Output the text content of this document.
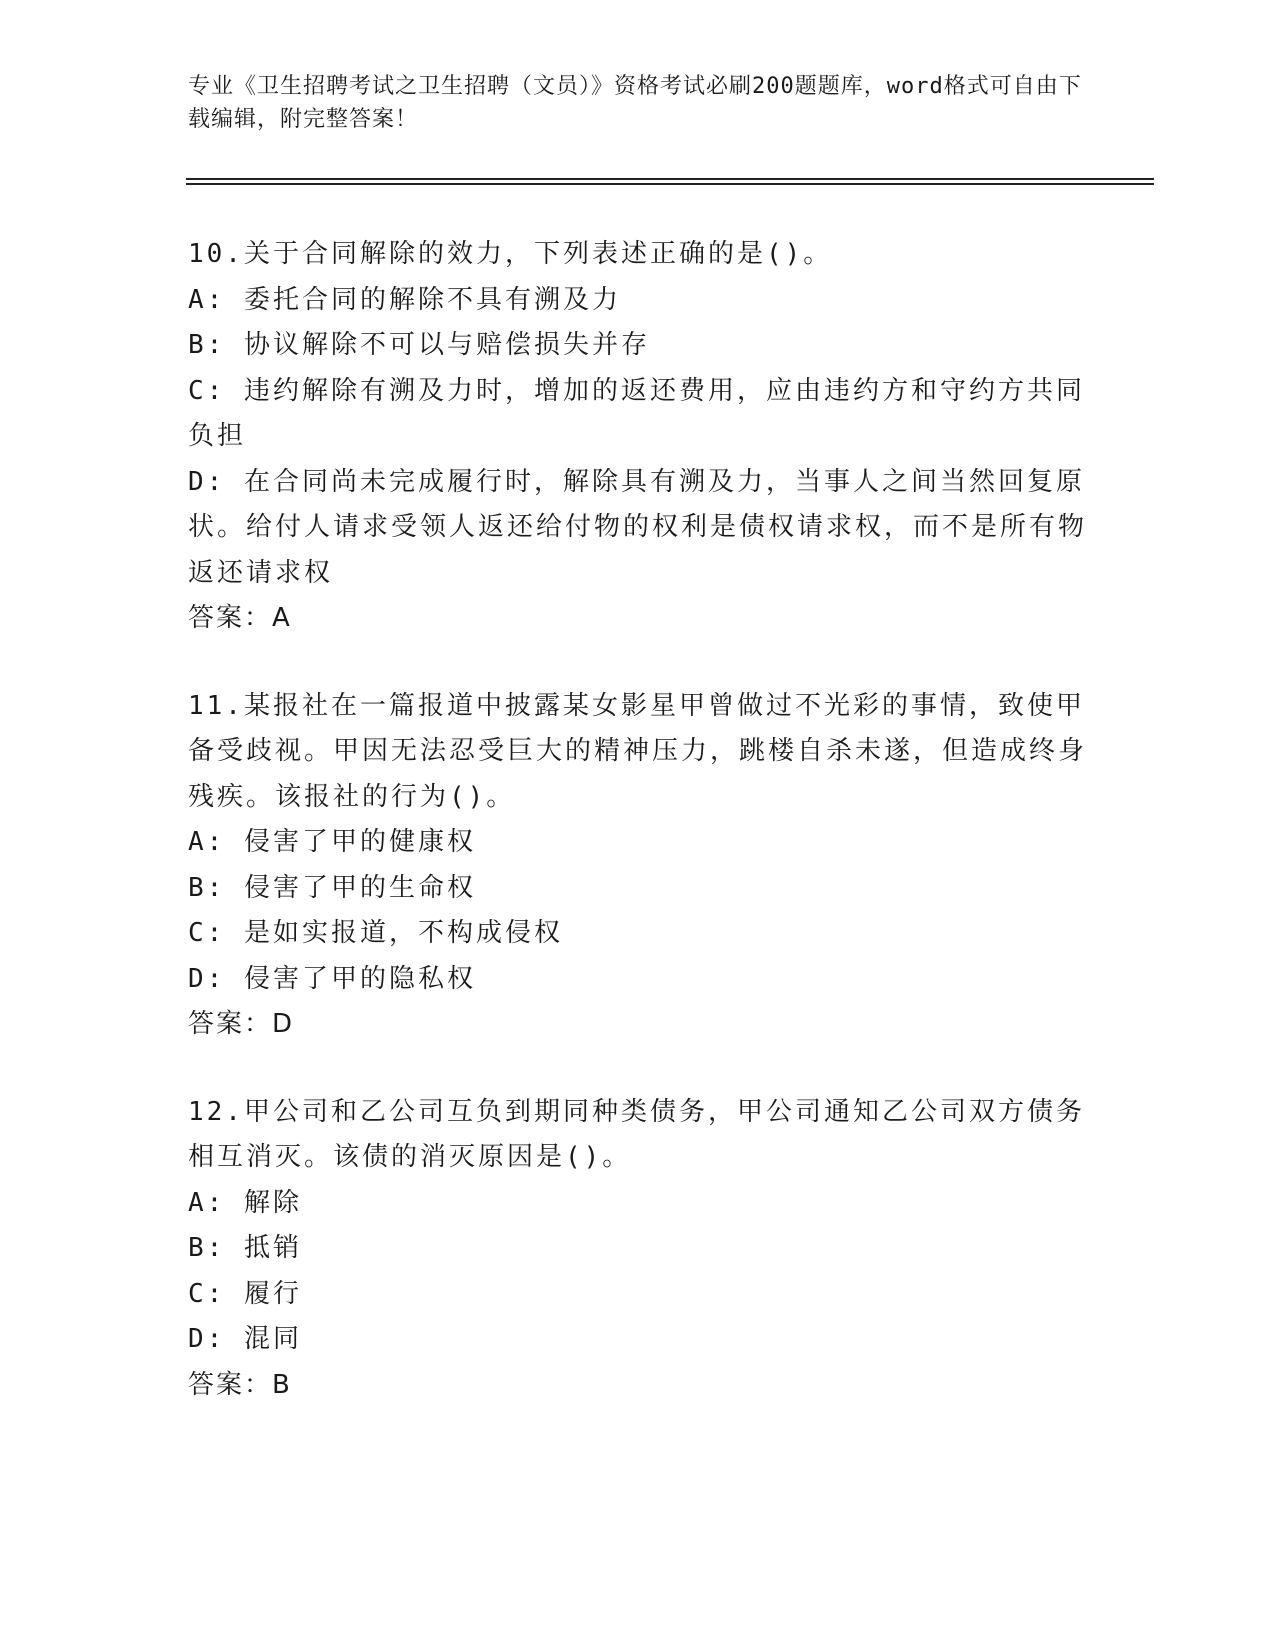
专业《卫生招聘考试之卫生招聘（文员）》资格考试必刷200题题库，word格式可自由下载编辑，附完整答案！
10.关于合同解除的效力，下列表述正确的是()。
A: 委托合同的解除不具有溯及力
B: 协议解除不可以与赔偿损失并存
C: 违约解除有溯及力时，增加的返还费用，应由违约方和守约方共同负担
D: 在合同尚未完成履行时，解除具有溯及力，当事人之间当然回复原状。给付人请求受领人返还给付物的权利是债权请求权，而不是所有物返还请求权
答案：A
11.某报社在一篇报道中披露某女影星甲曾做过不光彩的事情，致使甲备受歧视。甲因无法忍受巨大的精神压力，跳楼自杀未遂，但造成终身残疾。该报社的行为()。
A: 侵害了甲的健康权
B: 侵害了甲的生命权
C: 是如实报道，不构成侵权
D: 侵害了甲的隐私权
答案：D
12.甲公司和乙公司互负到期同种类债务，甲公司通知乙公司双方债务相互消灭。该债的消灭原因是()。
A: 解除
B: 抵销
C: 履行
D: 混同
答案：B
